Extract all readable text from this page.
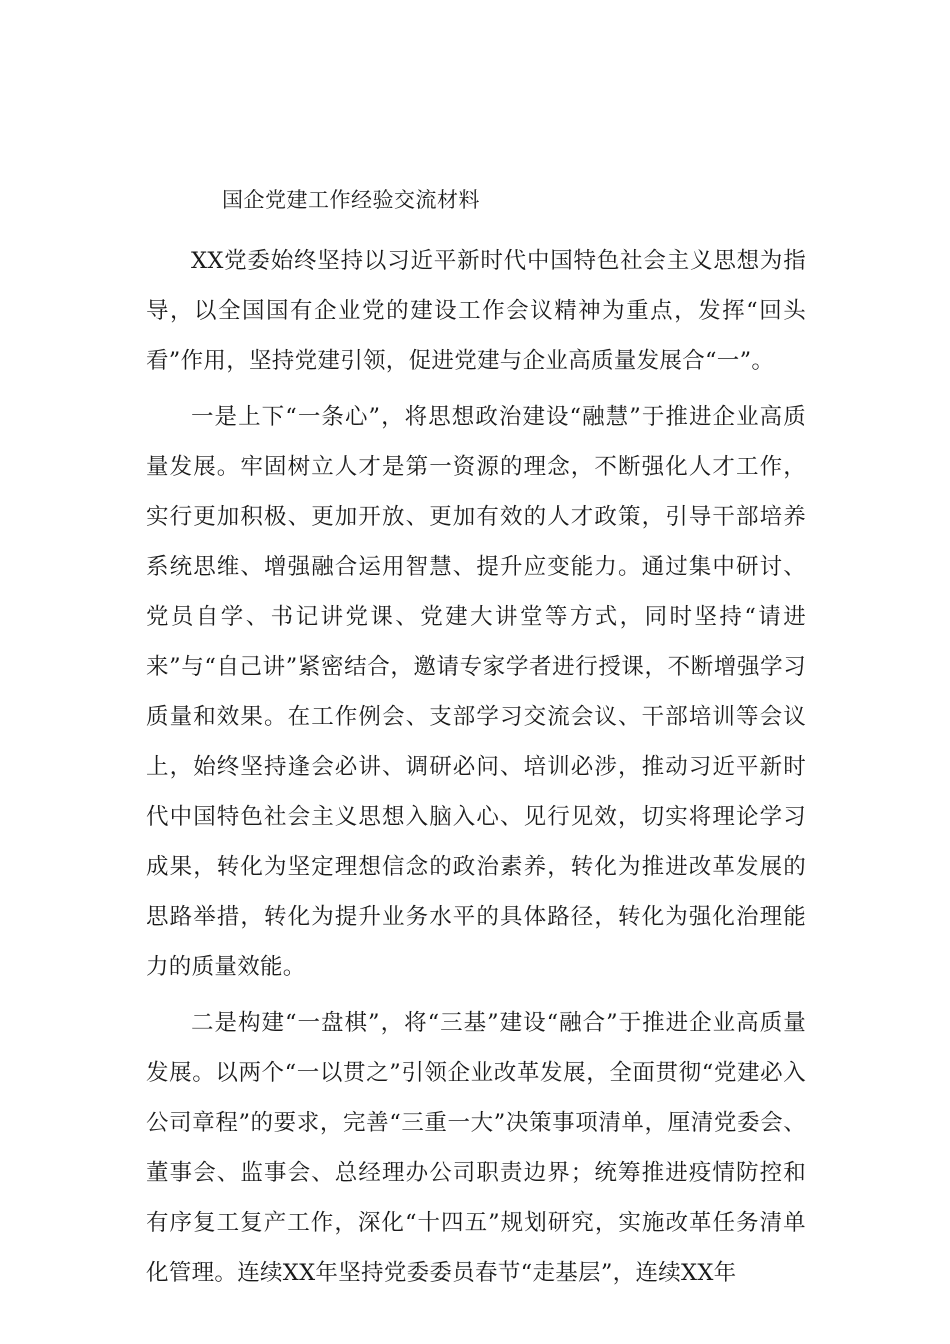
国企党建工作经验交流材料

XX党委始终坚持以习近平新时代中国特色社会主义思想为指导，以全国国有企业党的建设工作会议精神为重点，发挥“回头看”作用，坚持党建引领，促进党建与企业高质量发展合“一”。

一是上下“一条心”，将思想政治建设“融慧”于推进企业高质量发展。牢固树立人才是第一资源的理念，不断强化人才工作，实行更加积极、更加开放、更加有效的人才政策，引导干部培养系统思维、增强融合运用智慧、提升应变能力。通过集中研讨、党员自学、书记讲党课、党建大讲堂等方式，同时坚持“请进来”与“自己讲”紧密结合，邀请专家学者进行授课，不断增强学习质量和效果。在工作例会、支部学习交流会议、干部培训等会议上，始终坚持逢会必讲、调研必问、培训必涉，推动习近平新时代中国特色社会主义思想入脑入心、见行见效，切实将理论学习成果，转化为坚定理想信念的政治素养，转化为推进改革发展的思路举措，转化为提升业务水平的具体路径，转化为强化治理能力的质量效能。

二是构建“一盘棋”，将“三基”建设“融合”于推进企业高质量发展。以两个“一以贯之”引领企业改革发展，全面贯彻“党建必入公司章程”的要求，完善“三重一大”决策事项清单，厘清党委会、董事会、监事会、总经理办公司职责边界；统筹推进疫情防控和有序复工复产工作，深化“十四五”规划研究，实施改革任务清单化管理。连续XX年坚持党委委员春节“走基层”，连续XX年
